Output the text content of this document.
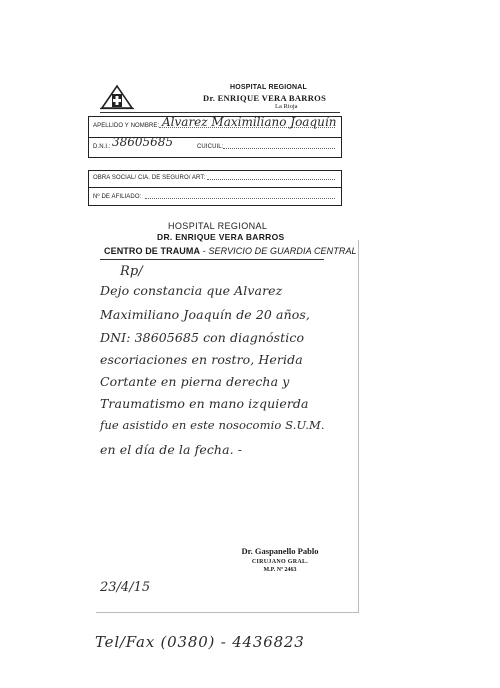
HOSPITAL REGIONAL
Dr. ENRIQUE VERA BARROS
La Rioja
APELLIDO Y NOMBRE:
D.N.I.:	CUICUIL:
Alvarez Maximiliano Joaquín
38605685
OBRA SOCIAL/ CIA. DE SEGURO/ ART:
Nº DE AFILIADO:
HOSPITAL REGIONAL
DR. ENRIQUE VERA BARROS
CENTRO DE TRAUMA - SERVICIO DE GUARDIA CENTRAL
Rp/
Dejo constancia que Alvarez
Maximiliano Joaquín de 20 años,
DNI: 38605685 con diagnóstico
escoriaciones en rostro, Herida
Cortante en pierna derecha y
Traumatismo en mano izquierda
fue asistido en este nosocomio S.U.M.
en el día de la fecha. -
Dr. Gaspanello Pablo
CIRUJANO GRAL.
M.P. Nº 2463
23/4/15
Tel/Fax (0380) - 4436823
